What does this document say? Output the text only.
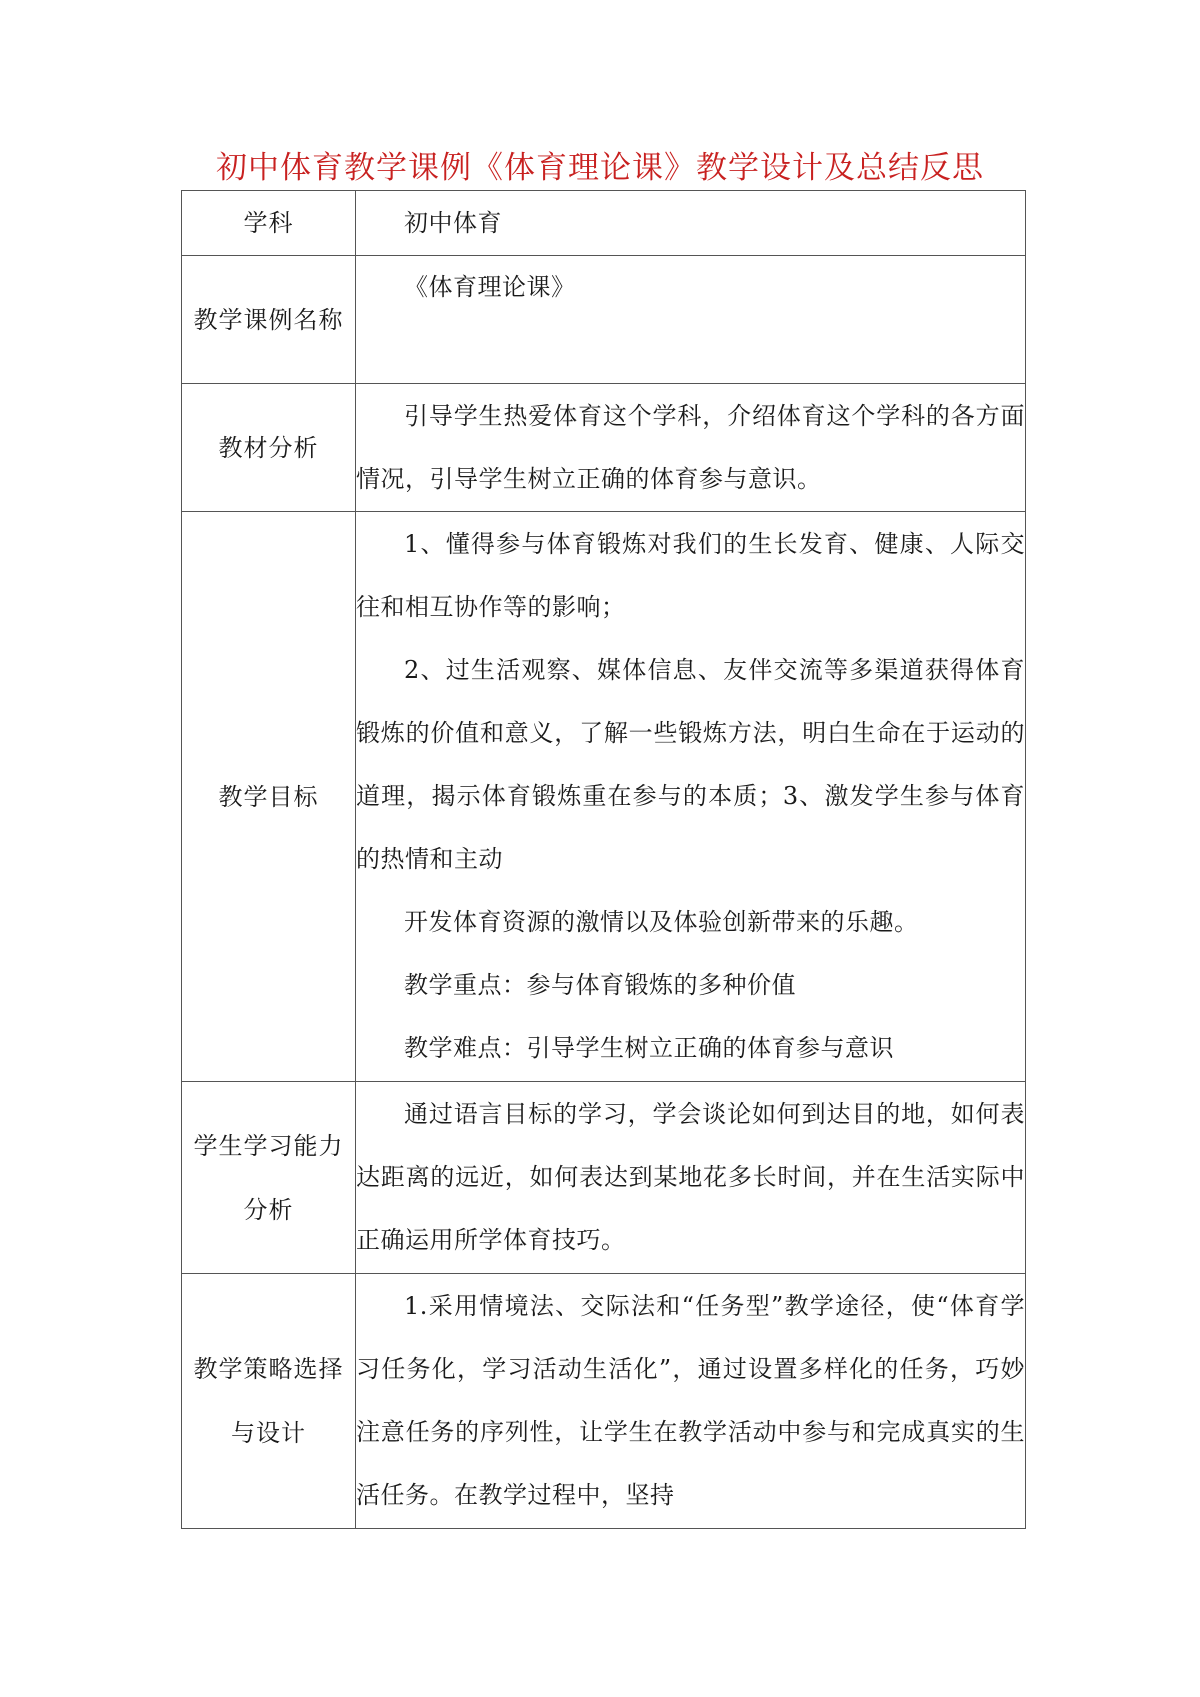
初中体育教学课例《体育理论课》教学设计及总结反思
学科	初中体育

教学课例名称	《体育理论课》

教材分析	引导学生热爱体育这个学科，介绍体育这个学科的各方面情况，引导学生树立正确的体育参与意识。

教学目标	1、懂得参与体育锻炼对我们的生长发育、健康、人际交往和相互协作等的影响；

2、过生活观察、媒体信息、友伴交流等多渠道获得体育锻炼的价值和意义，了解一些锻炼方法，明白生命在于运动的道理，揭示体育锻炼重在参与的本质；3、激发学生参与体育的热情和主动

开发体育资源的激情以及体验创新带来的乐趣。

教学重点：参与体育锻炼的多种价值

教学难点：引导学生树立正确的体育参与意识

学生学习能力分析	通过语言目标的学习，学会谈论如何到达目的地，如何表达距离的远近，如何表达到某地花多长时间，并在生活实际中正确运用所学体育技巧。

教学策略选择与设计	1.采用情境法、交际法和“任务型”教学途径，使“体育学习任务化，学习活动生活化”，通过设置多样化的任务，巧妙注意任务的序列性，让学生在教学活动中参与和完成真实的生活任务。在教学过程中，坚持
